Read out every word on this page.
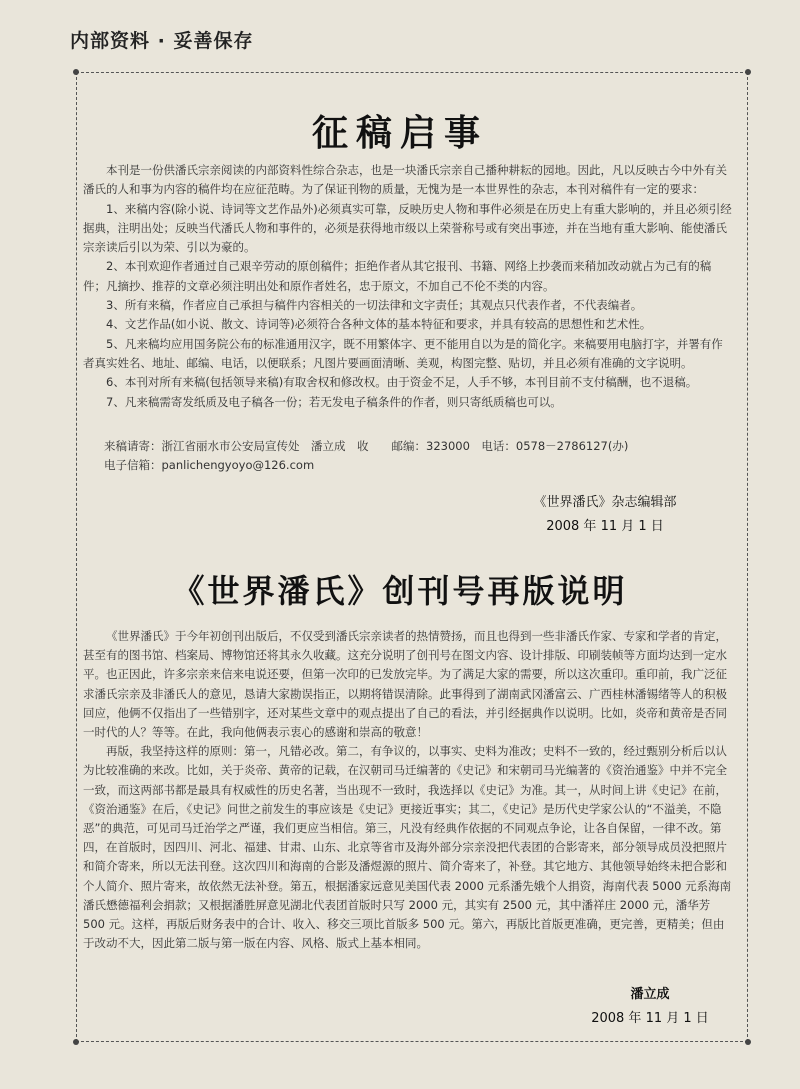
内部资料 · 妥善保存
征稿启事

本刊是一份供潘氏宗亲阅读的内部资料性综合杂志，也是一块潘氏宗亲自己播种耕耘的园地。因此，凡以反映古今中外有关潘氏的人和事为内容的稿件均在应征范畴。为了保证刊物的质量，无愧为是一本世界性的杂志，本刊对稿件有一定的要求：

1、来稿内容(除小说、诗词等文艺作品外)必须真实可靠，反映历史人物和事件必须是在历史上有重大影响的，并且必须引经据典，注明出处；反映当代潘氏人物和事件的，必须是获得地市级以上荣誉称号或有突出事迹，并在当地有重大影响、能使潘氏宗亲读后引以为荣、引以为豪的。

2、本刊欢迎作者通过自己艰辛劳动的原创稿件；拒绝作者从其它报刊、书籍、网络上抄袭而来稍加改动就占为己有的稿件；凡摘抄、推荐的文章必须注明出处和原作者姓名，忠于原文，不加自己不伦不类的内容。

3、所有来稿，作者应自己承担与稿件内容相关的一切法律和文字责任；其观点只代表作者，不代表编者。

4、文艺作品(如小说、散文、诗词等)必须符合各种文体的基本特征和要求，并具有较高的思想性和艺术性。

5、凡来稿均应用国务院公布的标准通用汉字，既不用繁体字、更不能用自以为是的简化字。来稿要用电脑打字，并署有作者真实姓名、地址、邮编、电话，以便联系；凡图片要画面清晰、美观，构图完整、贴切，并且必须有准确的文字说明。

6、本刊对所有来稿(包括领导来稿)有取舍权和修改权。由于资金不足，人手不够，本刊目前不支付稿酬，也不退稿。

7、凡来稿需寄发纸质及电子稿各一份；若无发电子稿条件的作者，则只寄纸质稿也可以。

来稿请寄：浙江省丽水市公安局宣传处　潘立成　收　　邮编：323000　电话：0578－2786127(办)
电子信箱：panlichengyoyo@126.com
《世界潘氏》杂志编辑部
2008 年 11 月 1 日
《世界潘氏》创刊号再版说明

《世界潘氏》于今年初创刊出版后，不仅受到潘氏宗亲读者的热情赞扬，而且也得到一些非潘氏作家、专家和学者的肯定，甚至有的图书馆、档案局、博物馆还将其永久收藏。这充分说明了创刊号在图文内容、设计排版、印刷装帧等方面均达到一定水平。也正因此，许多宗亲来信来电说还要，但第一次印的已发放完毕。为了满足大家的需要，所以这次重印。重印前，我广泛征求潘氏宗亲及非潘氏人的意见，恳请大家勘误指正，以期将错误清除。此事得到了湖南武冈潘富云、广西桂林潘锡绪等人的积极回应，他俩不仅指出了一些错别字，还对某些文章中的观点提出了自己的看法，并引经据典作以说明。比如，炎帝和黄帝是否同一时代的人？等等。在此，我向他俩表示衷心的感谢和崇高的敬意！

再版，我坚持这样的原则：第一，凡错必改。第二，有争议的，以事实、史料为准改；史料不一致的，经过甄别分析后以认为比较准确的来改。比如，关于炎帝、黄帝的记载，在汉朝司马迁编著的《史记》和宋朝司马光编著的《资治通鉴》中并不完全一致，而这两部书都是最具有权威性的历史名著，当出现不一致时，我选择以《史记》为准。其一，从时间上讲《史记》在前，《资治通鉴》在后，《史记》问世之前发生的事应该是《史记》更接近事实；其二，《史记》是历代史学家公认的“不溢美，不隐恶”的典范，可见司马迁治学之严谨，我们更应当相信。第三，凡没有经典作依据的不同观点争论，让各自保留，一律不改。第四，在首版时，因四川、河北、福建、甘肃、山东、北京等省市及海外部分宗亲没把代表团的合影寄来，部分领导成员没把照片和简介寄来，所以无法刊登。这次四川和海南的合影及潘煜源的照片、简介寄来了，补登。其它地方、其他领导始终未把合影和个人简介、照片寄来，故依然无法补登。第五，根据潘家远意见美国代表 2000 元系潘先娥个人捐资，海南代表 5000 元系海南潘氏懋德福利会捐款；又根据潘胜屏意见湖北代表团首版时只写 2000 元，其实有 2500 元，其中潘祥庄 2000 元，潘华芳 500 元。这样，再版后财务表中的合计、收入、移交三项比首版多 500 元。第六，再版比首版更准确，更完善，更精美；但由于改动不大，因此第二版与第一版在内容、风格、版式上基本相同。

潘立成
2008 年 11 月 1 日
